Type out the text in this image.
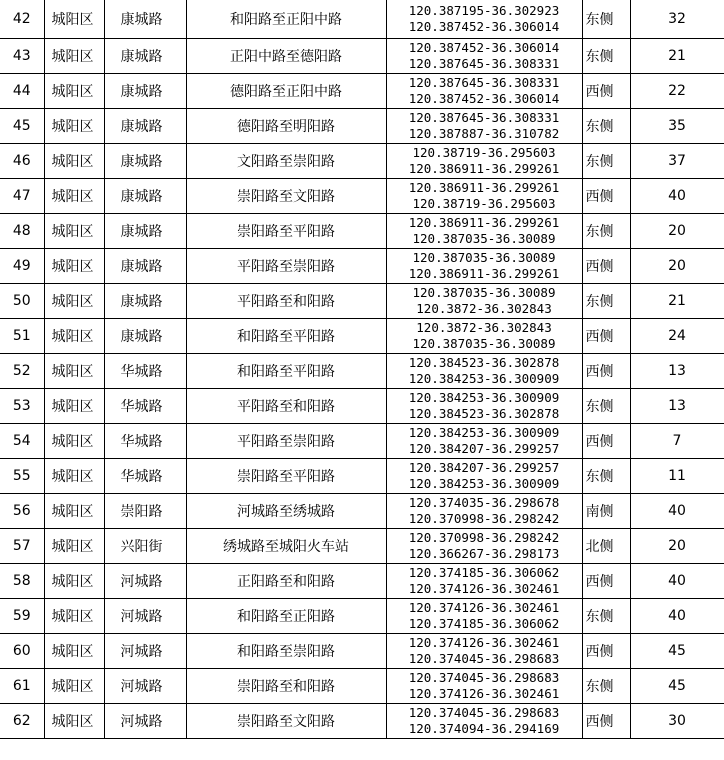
42	城阳区	康城路	和阳路至正阳中路	120.387195-36.302923
120.387452-36.306014	东侧	32
43	城阳区	康城路	正阳中路至德阳路	120.387452-36.306014
120.387645-36.308331	东侧	21
44	城阳区	康城路	德阳路至正阳中路	120.387645-36.308331
120.387452-36.306014	西侧	22
45	城阳区	康城路	德阳路至明阳路	120.387645-36.308331
120.387887-36.310782	东侧	35
46	城阳区	康城路	文阳路至崇阳路	120.38719-36.295603
120.386911-36.299261	东侧	37
47	城阳区	康城路	崇阳路至文阳路	120.386911-36.299261
120.38719-36.295603	西侧	40
48	城阳区	康城路	崇阳路至平阳路	120.386911-36.299261
120.387035-36.30089	东侧	20
49	城阳区	康城路	平阳路至崇阳路	120.387035-36.30089
120.386911-36.299261	西侧	20
50	城阳区	康城路	平阳路至和阳路	120.387035-36.30089
120.3872-36.302843	东侧	21
51	城阳区	康城路	和阳路至平阳路	120.3872-36.302843
120.387035-36.30089	西侧	24
52	城阳区	华城路	和阳路至平阳路	120.384523-36.302878
120.384253-36.300909	西侧	13
53	城阳区	华城路	平阳路至和阳路	120.384253-36.300909
120.384523-36.302878	东侧	13
54	城阳区	华城路	平阳路至崇阳路	120.384253-36.300909
120.384207-36.299257	西侧	7
55	城阳区	华城路	崇阳路至平阳路	120.384207-36.299257
120.384253-36.300909	东侧	11
56	城阳区	崇阳路	河城路至绣城路	120.374035-36.298678
120.370998-36.298242	南侧	40
57	城阳区	兴阳街	绣城路至城阳火车站	120.370998-36.298242
120.366267-36.298173	北侧	20
58	城阳区	河城路	正阳路至和阳路	120.374185-36.306062
120.374126-36.302461	西侧	40
59	城阳区	河城路	和阳路至正阳路	120.374126-36.302461
120.374185-36.306062	东侧	40
60	城阳区	河城路	和阳路至崇阳路	120.374126-36.302461
120.374045-36.298683	西侧	45
61	城阳区	河城路	崇阳路至和阳路	120.374045-36.298683
120.374126-36.302461	东侧	45
62	城阳区	河城路	崇阳路至文阳路	120.374045-36.298683
120.374094-36.294169	西侧	30
